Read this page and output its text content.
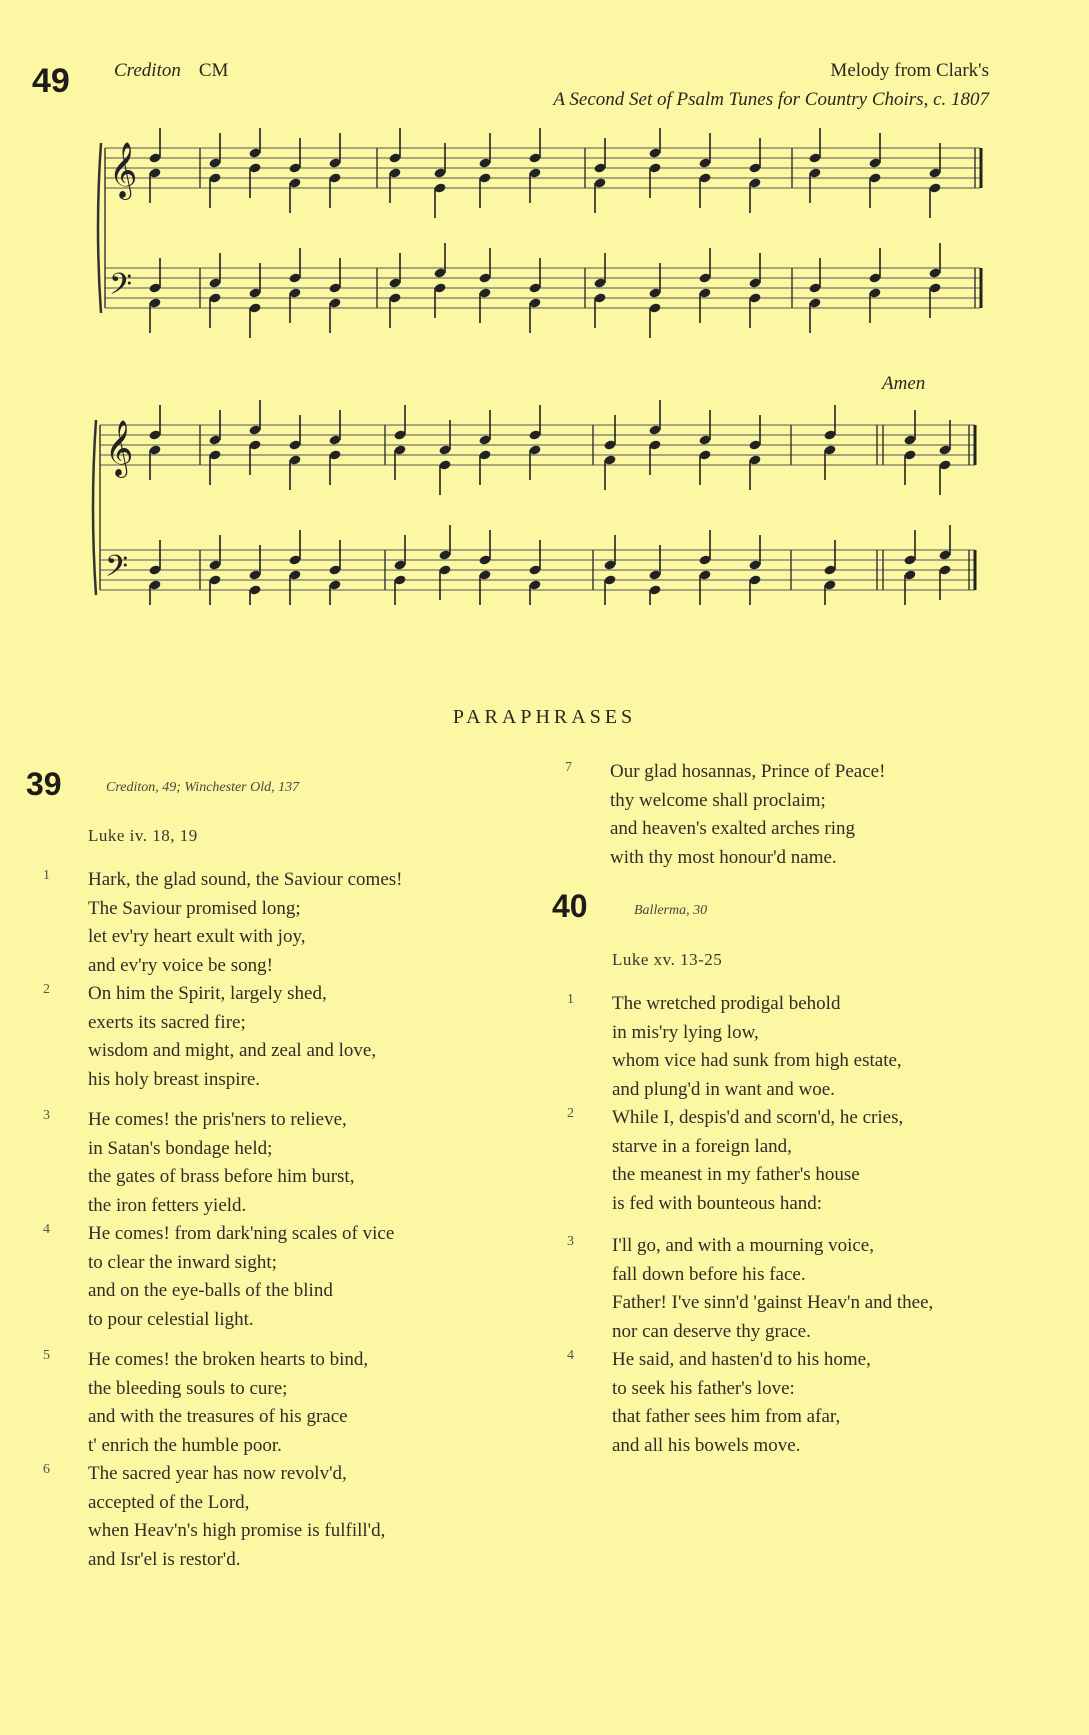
49 Crediton CM	Melody from Clark's
A Second Set of Psalm Tunes for Country Choirs, c. 1807
𝄞
𝄢
Amen
𝄞
𝄢
PARAPHRASES
39	Crediton, 49; Winchester Old, 137
Luke iv. 18, 19
1 Hark, the glad sound, the Saviour comes!
The Saviour promised long;
let ev'ry heart exult with joy,
and ev'ry voice be song!
2 On him the Spirit, largely shed,
exerts its sacred fire;
wisdom and might, and zeal and love,
his holy breast inspire.
3 He comes! the pris'ners to relieve,
in Satan's bondage held;
the gates of brass before him burst,
the iron fetters yield.
4 He comes! from dark'ning scales of vice
to clear the inward sight;
and on the eye-balls of the blind
to pour celestial light.
5 He comes! the broken hearts to bind,
the bleeding souls to cure;
and with the treasures of his grace
t' enrich the humble poor.
6 The sacred year has now revolv'd,
accepted of the Lord,
when Heav'n's high promise is fulfill'd,
and Isr'el is restor'd.
7 Our glad hosannas, Prince of Peace!
thy welcome shall proclaim;
and heaven's exalted arches ring
with thy most honour'd name.
40	Ballerma, 30
Luke xv. 13-25
1 The wretched prodigal behold
in mis'ry lying low,
whom vice had sunk from high estate,
and plung'd in want and woe.
2 While I, despis'd and scorn'd, he cries,
starve in a foreign land,
the meanest in my father's house
is fed with bounteous hand:
3 I'll go, and with a mourning voice,
fall down before his face.
Father! I've sinn'd 'gainst Heav'n and thee,
nor can deserve thy grace.
4 He said, and hasten'd to his home,
to seek his father's love:
that father sees him from afar,
and all his bowels move.
